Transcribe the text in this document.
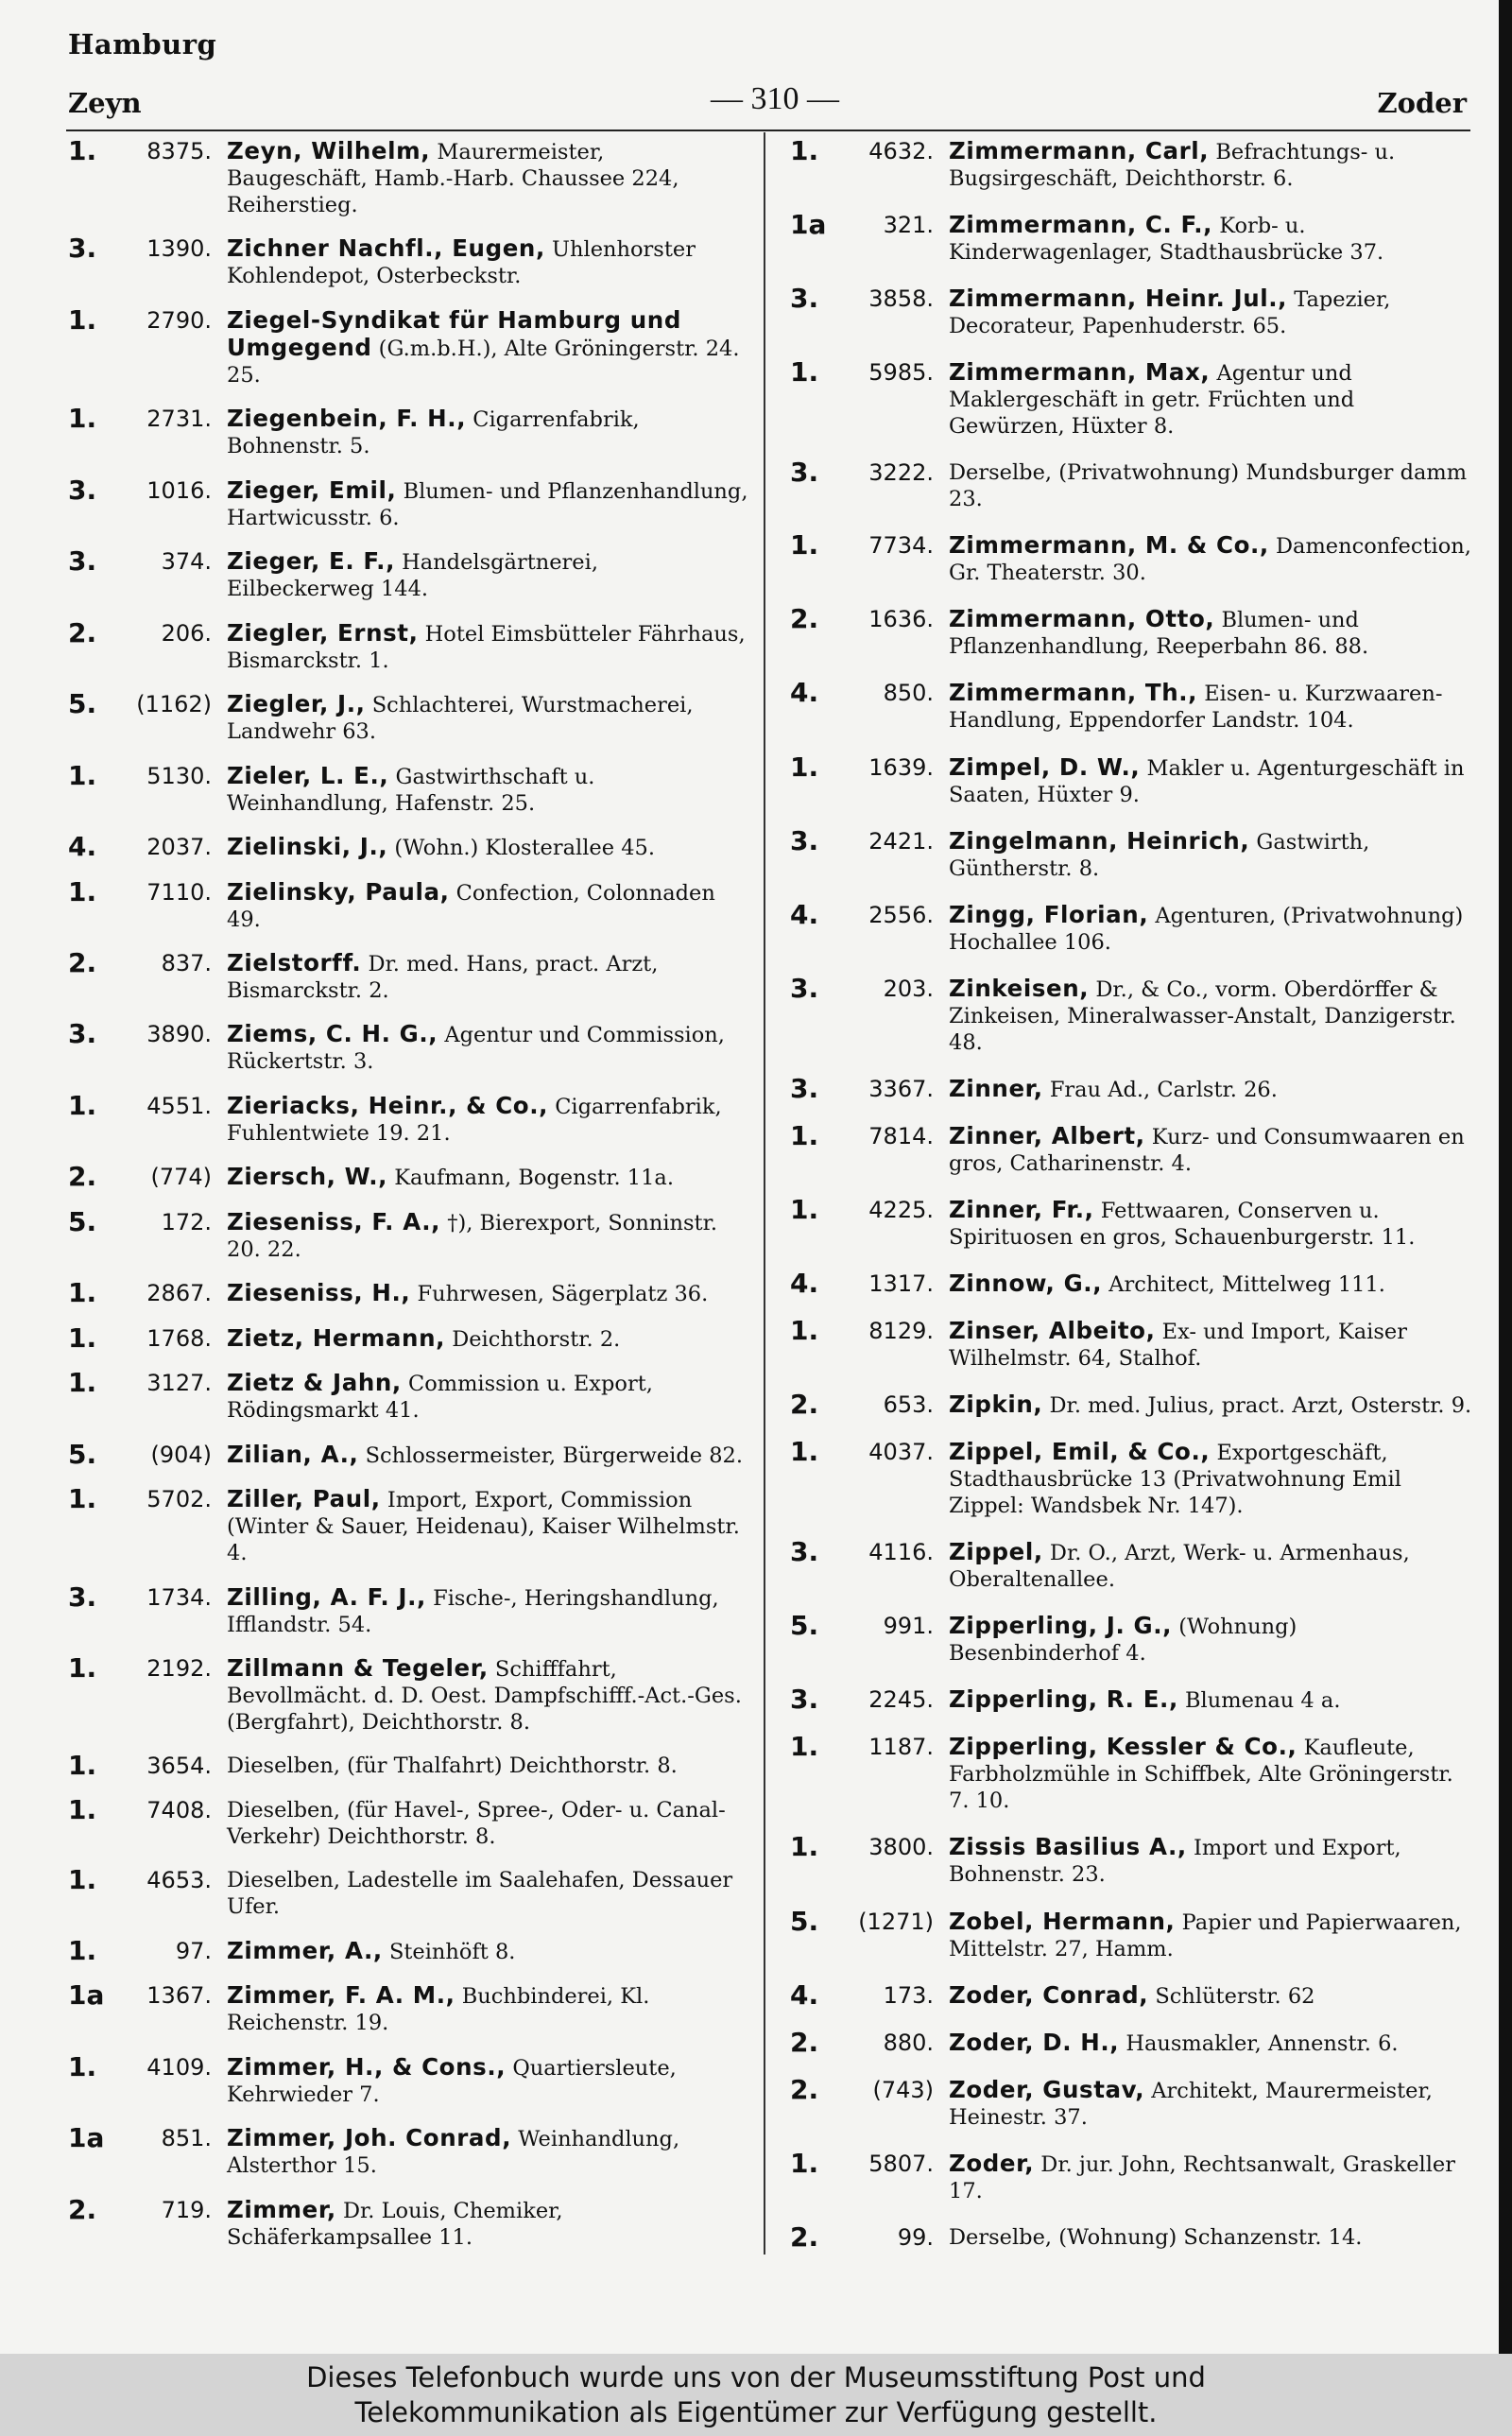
Hamburg
Zeyn	— 310 —	Zoder
1.	8375. Zeyn, Wilhelm, Maurermeister, Baugeschäft, Hamb.-Harb. Chaussee 224, Reiherstieg.
3.	1390. Zichner Nachfl., Eugen, Uhlenhorster Kohlendepot, Osterbeckstr.
1.	2790. Ziegel-Syndikat für Hamburg und Umgegend (G.m.b.H.), Alte Gröningerstr. 24. 25.
1.	2731. Ziegenbein, F. H., Cigarrenfabrik, Bohnenstr. 5.
3.	1016. Zieger, Emil, Blumen- und Pflanzenhandlung, Hartwicusstr. 6.
3.	374. Zieger, E. F., Handelsgärtnerei, Eilbeckerweg 144.
2.	206. Ziegler, Ernst, Hotel Eimsbütteler Fährhaus, Bismarckstr. 1.
5.	(1162) Ziegler, J., Schlachterei, Wurstmacherei, Landwehr 63.
1.	5130. Zieler, L. E., Gastwirthschaft u. Weinhandlung, Hafenstr. 25.
4.	2037. Zielinski, J., (Wohn.) Klosterallee 45.
1.	7110. Zielinsky, Paula, Confection, Colonnaden 49.
2.	837. Zielstorff. Dr. med. Hans, pract. Arzt, Bismarckstr. 2.
3.	3890. Ziems, C. H. G., Agentur und Commission, Rückertstr. 3.
1.	4551. Zieriacks, Heinr., & Co., Cigarrenfabrik, Fuhlentwiete 19. 21.
2.	(774) Ziersch, W., Kaufmann, Bogenstr. 11a.
5.	172. Zieseniss, F. A., †), Bierexport, Sonninstr. 20. 22.
1.	2867. Zieseniss, H., Fuhrwesen, Sägerplatz 36.
1.	1768. Zietz, Hermann, Deichthorstr. 2.
1.	3127. Zietz & Jahn, Commission u. Export, Rödingsmarkt 41.
5.	(904) Zilian, A., Schlossermeister, Bürgerweide 82.
1.	5702. Ziller, Paul, Import, Export, Commission (Winter & Sauer, Heidenau), Kaiser Wilhelmstr. 4.
3.	1734. Zilling, A. F. J., Fische-, Heringshandlung, Ifflandstr. 54.
1.	2192. Zillmann & Tegeler, Schifffahrt, Bevollmächt. d. D. Oest. Dampfschifff.-Act.-Ges. (Bergfahrt), Deichthorstr. 8.
1.	3654. Dieselben, (für Thalfahrt) Deichthorstr. 8.
1.	7408. Dieselben, (für Havel-, Spree-, Oder- u. Canal-Verkehr) Deichthorstr. 8.
1.	4653. Dieselben, Ladestelle im Saalehafen, Dessauer Ufer.
1.	97. Zimmer, A., Steinhöft 8.
1a	1367. Zimmer, F. A. M., Buchbinderei, Kl. Reichenstr. 19.
1.	4109. Zimmer, H., & Cons., Quartiersleute, Kehrwieder 7.
1a	851. Zimmer, Joh. Conrad, Weinhandlung, Alsterthor 15.
2.	719. Zimmer, Dr. Louis, Chemiker, Schäferkampsallee 11.
1.	4632. Zimmermann, Carl, Befrachtungs- u. Bugsirgeschäft, Deichthorstr. 6.
1a	321. Zimmermann, C. F., Korb- u. Kinderwagenlager, Stadthausbrücke 37.
3.	3858. Zimmermann, Heinr. Jul., Tapezier, Decorateur, Papenhuderstr. 65.
1.	5985. Zimmermann, Max, Agentur und Maklergeschäft in getr. Früchten und Gewürzen, Hüxter 8.
3.	3222. Derselbe, (Privatwohnung) Mundsburger damm 23.
1.	7734. Zimmermann, M. & Co., Damenconfection, Gr. Theaterstr. 30.
2.	1636. Zimmermann, Otto, Blumen- und Pflanzenhandlung, Reeperbahn 86. 88.
4.	850. Zimmermann, Th., Eisen- u. Kurzwaaren-Handlung, Eppendorfer Landstr. 104.
1.	1639. Zimpel, D. W., Makler u. Agenturgeschäft in Saaten, Hüxter 9.
3.	2421. Zingelmann, Heinrich, Gastwirth, Güntherstr. 8.
4.	2556. Zingg, Florian, Agenturen, (Privatwohnung) Hochallee 106.
3.	203. Zinkeisen, Dr., & Co., vorm. Oberdörffer & Zinkeisen, Mineralwasser-Anstalt, Danzigerstr. 48.
3.	3367. Zinner, Frau Ad., Carlstr. 26.
1.	7814. Zinner, Albert, Kurz- und Consumwaaren en gros, Catharinenstr. 4.
1.	4225. Zinner, Fr., Fettwaaren, Conserven u. Spirituosen en gros, Schauenburgerstr. 11.
4.	1317. Zinnow, G., Architect, Mittelweg 111.
1.	8129. Zinser, Albeito, Ex- und Import, Kaiser Wilhelmstr. 64, Stalhof.
2.	653. Zipkin, Dr. med. Julius, pract. Arzt, Osterstr. 9.
1.	4037. Zippel, Emil, & Co., Exportgeschäft, Stadthausbrücke 13 (Privatwohnung Emil Zippel: Wandsbek Nr. 147).
3.	4116. Zippel, Dr. O., Arzt, Werk- u. Armenhaus, Oberaltenallee.
5.	991. Zipperling, J. G., (Wohnung) Besenbinderhof 4.
3.	2245. Zipperling, R. E., Blumenau 4 a.
1.	1187. Zipperling, Kessler & Co., Kaufleute, Farbholzmühle in Schiffbek, Alte Gröningerstr. 7. 10.
1.	3800. Zissis Basilius A., Import und Export, Bohnenstr. 23.
5.	(1271) Zobel, Hermann, Papier und Papierwaaren, Mittelstr. 27, Hamm.
4.	173. Zoder, Conrad, Schlüterstr. 62
2.	880. Zoder, D. H., Hausmakler, Annenstr. 6.
2.	(743) Zoder, Gustav, Architekt, Maurermeister, Heinestr. 37.
1.	5807. Zoder, Dr. jur. John, Rechtsanwalt, Graskeller 17.
2.	99. Derselbe, (Wohnung) Schanzenstr. 14.
Dieses Telefonbuch wurde uns von der Museumsstiftung Post und
Telekommunikation als Eigentümer zur Verfügung gestellt.
